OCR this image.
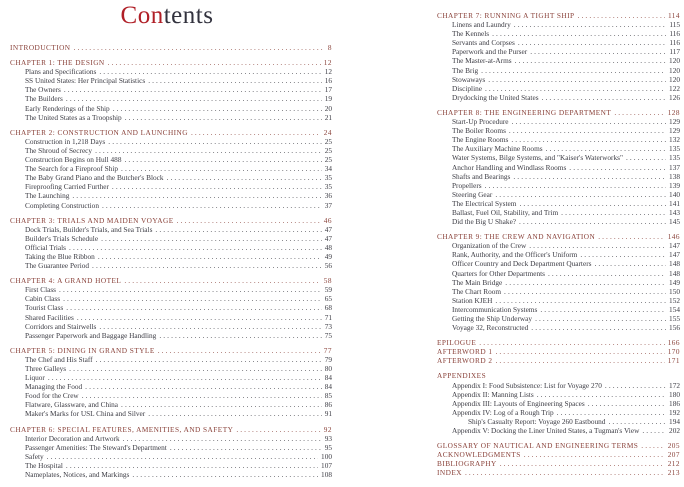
Contents
INTRODUCTION .....	8
CHAPTER 1: THE DESIGN .....	12
Plans and Specifications .....	12
SS United States: Her Principal Statistics .....	16
The Owners .....	17
The Builders .....	19
Early Renderings of the Ship .....	20
The United States as a Troopship .....	21
CHAPTER 2: CONSTRUCTION AND LAUNCHING .....	24
Construction in 1,218 Days .....	25
The Shroud of Secrecy .....	25
Construction Begins on Hull 488 .....	25
The Search for a Fireproof Ship .....	34
The Baby Grand Piano and the Butcher's Block .....	35
Fireproofing Carried Further .....	35
The Launching .....	36
Completing Construction .....	37
CHAPTER 3: TRIALS AND MAIDEN VOYAGE .....	46
Dock Trials, Builder's Trials, and Sea Trials .....	47
Builder's Trials Schedule .....	47
Official Trials .....	48
Taking the Blue Ribbon .....	49
The Guarantee Period .....	56
CHAPTER 4: A GRAND HOTEL .....	58
First Class .....	59
Cabin Class .....	65
Tourist Class .....	68
Shared Facilities .....	71
Corridors and Stairwells .....	73
Passenger Paperwork and Baggage Handling .....	75
CHAPTER 5: DINING IN GRAND STYLE .....	77
The Chef and His Staff .....	79
Three Galleys .....	80
Liquor .....	84
Managing the Food .....	84
Food for the Crew .....	85
Flatware, Glassware, and China .....	86
Maker's Marks for USL China and Silver .....	91
CHAPTER 6: SPECIAL FEATURES, AMENITIES, AND SAFETY .....	92
Interior Decoration and Artwork .....	93
Passenger Amenities: The Steward's Department .....	95
Safety .....	100
The Hospital .....	107
Nameplates, Notices, and Markings .....	108
CHAPTER 7: RUNNING A TIGHT SHIP .....	114
Linens and Laundry .....	115
The Kennels .....	116
Servants and Corpses .....	116
Paperwork and the Purser .....	117
The Master-at-Arms .....	120
The Brig .....	120
Stowaways .....	120
Discipline .....	122
Drydocking the United States .....	126
CHAPTER 8: THE ENGINEERING DEPARTMENT .....	128
Start-Up Procedure .....	129
The Boiler Rooms .....	129
The Engine Rooms .....	132
The Auxiliary Machine Rooms .....	135
Water Systems, Bilge Systems, and "Kaiser's Waterworks" .....	135
Anchor Handling and Windlass Rooms .....	137
Shafts and Bearings .....	138
Propellers .....	139
Steering Gear .....	140
The Electrical System .....	141
Ballast, Fuel Oil, Stability, and Trim .....	143
Did the Big U Shake? .....	145
CHAPTER 9: THE CREW AND NAVIGATION .....	146
Organization of the Crew .....	147
Rank, Authority, and the Officer's Uniform .....	147
Officer Country and Deck Department Quarters .....	148
Quarters for Other Departments .....	148
The Main Bridge .....	149
The Chart Room .....	150
Station KJEH .....	152
Intercommunication Systems .....	154
Getting the Ship Underway .....	155
Voyage 32, Reconstructed .....	156
EPILOGUE .....	166
AFTERWORD 1 .....	170
AFTERWORD 2 .....	171
APPENDIXES
Appendix I: Food Subsistence: List for Voyage 270 .....	172
Appendix II: Manning Lists .....	180
Appendix III: Layouts of Engineering Spaces .....	186
Appendix IV: Log of a Rough Trip .....	192
Ship's Casualty Report: Voyage 260 Eastbound .....	194
Appendix V: Docking the Liner United States, a Tugman's View .....	202
GLOSSARY OF NAUTICAL AND ENGINEERING TERMS .....	205
ACKNOWLEDGMENTS .....	207
BIBLIOGRAPHY .....	212
INDEX .....	213
